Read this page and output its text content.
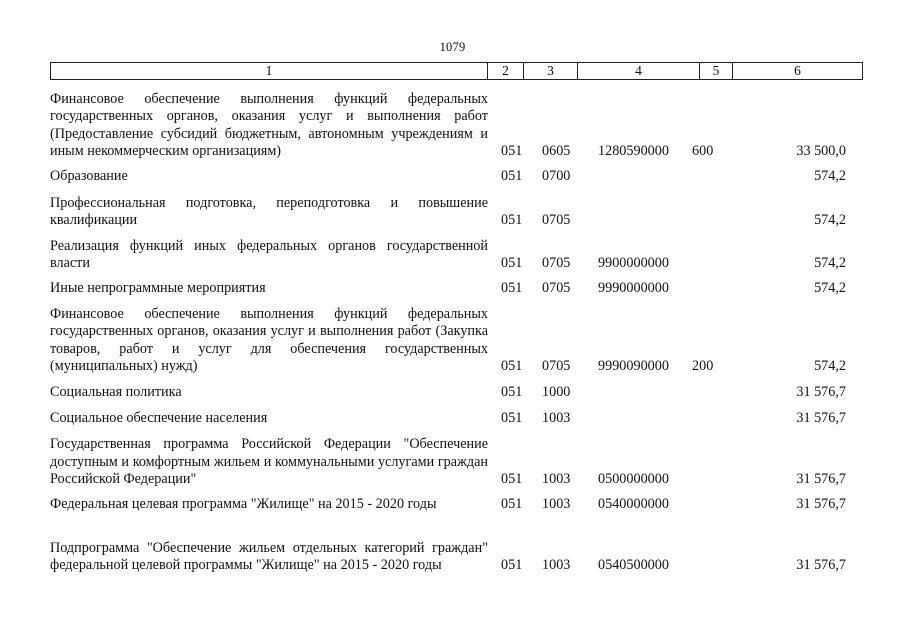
1079
1	2	3	4	5	6
Финансовое обеспечение выполнения функций федеральных государственных органов, оказания услуг и выполнения работ (Предоставление субсидий бюджетным, автономным учреждениям и иным некоммерческим организациям)	051 0605 1280590000 600	33 500,0
Образование	051 0700	574,2
Профессиональная подготовка, переподготовка и повышение квалификации	051 0705	574,2
Реализация функций иных федеральных органов государственной власти	051 0705 9900000000	574,2
Иные непрограммные мероприятия	051 0705 9990000000	574,2
Финансовое обеспечение выполнения функций федеральных государственных органов, оказания услуг и выполнения работ (Закупка товаров, работ и услуг для обеспечения государственных (муниципальных) нужд)	051 0705 9990090000 200	574,2
Социальная политика	051 1000	31 576,7
Социальное обеспечение населения	051 1003	31 576,7
Государственная программа Российской Федерации "Обеспечение доступным и комфортным жильем и коммунальными услугами граждан Российской Федерации"	051 1003 0500000000	31 576,7
Федеральная целевая программа "Жилище" на 2015 - 2020 годы	051 1003 0540000000	31 576,7
Подпрограмма "Обеспечение жильем отдельных категорий граждан" федеральной целевой программы "Жилище" на 2015 - 2020 годы	051 1003 0540500000	31 576,7
